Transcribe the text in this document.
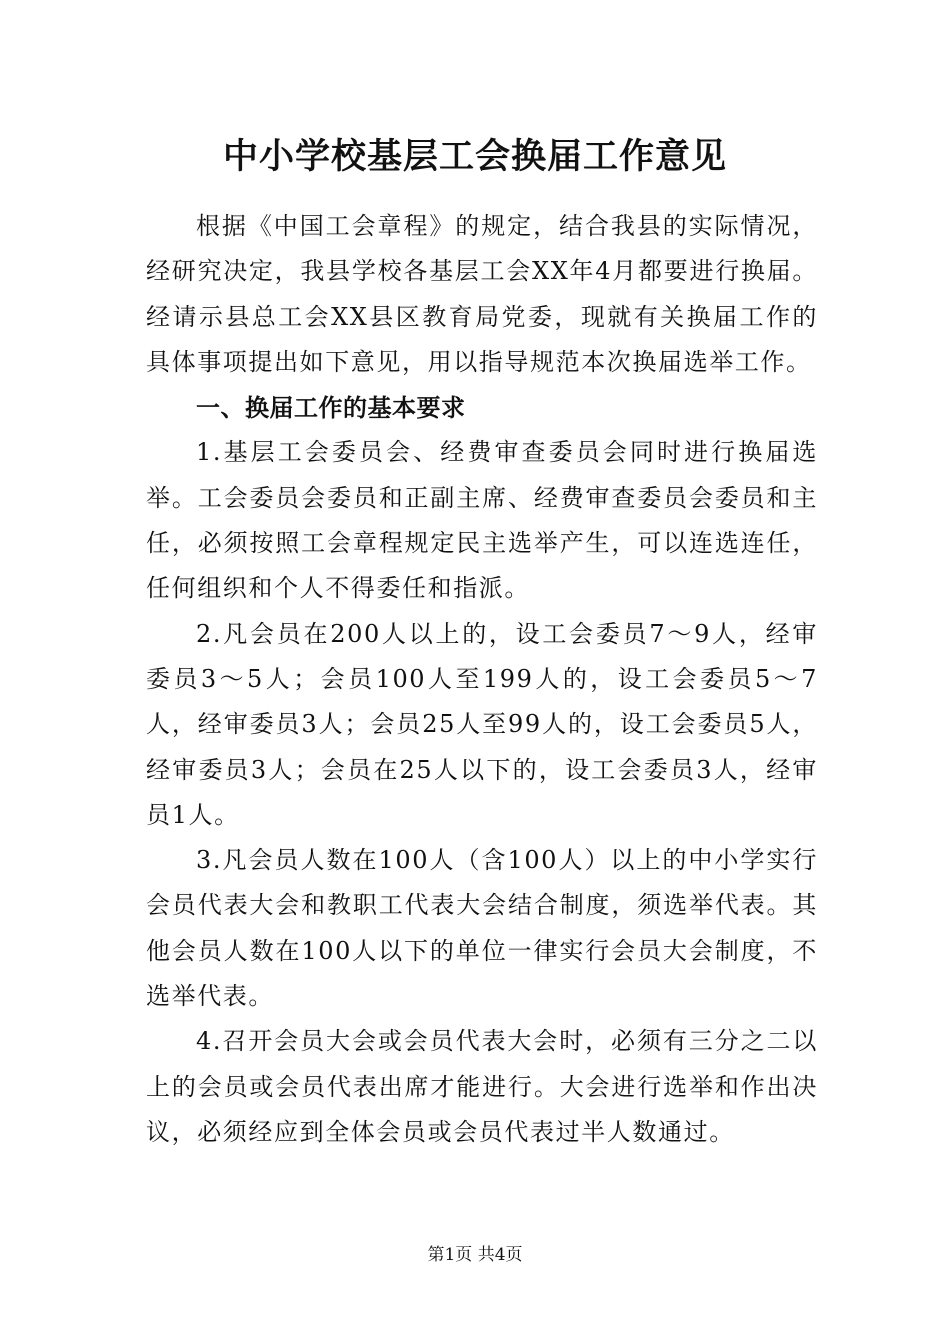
中小学校基层工会换届工作意见

根据《中国工会章程》的规定，结合我县的实际情况，经研究决定，我县学校各基层工会XX年4月都要进行换届。经请示县总工会XX县区教育局党委，现就有关换届工作的具体事项提出如下意见，用以指导规范本次换届选举工作。

一、换届工作的基本要求

1.基层工会委员会、经费审查委员会同时进行换届选举。工会委员会委员和正副主席、经费审查委员会委员和主任，必须按照工会章程规定民主选举产生，可以连选连任，任何组织和个人不得委任和指派。

2.凡会员在200人以上的，设工会委员7～9人，经审委员3～5人；会员100人至199人的，设工会委员5～7人，经审委员3人；会员25人至99人的，设工会委员5人，经审委员3人；会员在25人以下的，设工会委员3人，经审员1人。

3.凡会员人数在100人（含100人）以上的中小学实行会员代表大会和教职工代表大会结合制度，须选举代表。其他会员人数在100人以下的单位一律实行会员大会制度，不选举代表。

4.召开会员大会或会员代表大会时，必须有三分之二以上的会员或会员代表出席才能进行。大会进行选举和作出决议，必须经应到全体会员或会员代表过半人数通过。

第1页 共4页
